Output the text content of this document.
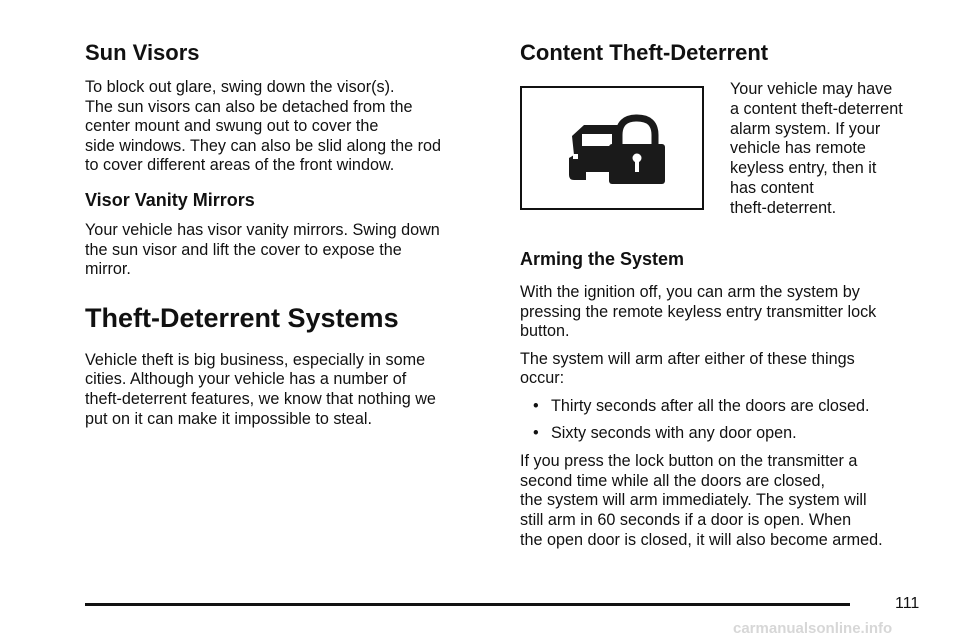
Sun Visors

To block out glare, swing down the visor(s).
The sun visors can also be detached from the
center mount and swung out to cover the
side windows. They can also be slid along the rod
to cover different areas of the front window.

Visor Vanity Mirrors

Your vehicle has visor vanity mirrors. Swing down
the sun visor and lift the cover to expose the
mirror.

Theft-Deterrent Systems

Vehicle theft is big business, especially in some
cities. Although your vehicle has a number of
theft-deterrent features, we know that nothing we
put on it can make it impossible to steal.

Content Theft-Deterrent

Your vehicle may have
a content theft-deterrent
alarm system. If your
vehicle has remote
keyless entry, then it
has content
theft-deterrent.

Arming the System

With the ignition off, you can arm the system by
pressing the remote keyless entry transmitter lock
button.

The system will arm after either of these things
occur:

• Thirty seconds after all the doors are closed.
• Sixty seconds with any door open.

If you press the lock button on the transmitter a
second time while all the doors are closed,
the system will arm immediately. The system will
still arm in 60 seconds if a door is open. When
the open door is closed, it will also become armed.

111
carmanualsonline.info
